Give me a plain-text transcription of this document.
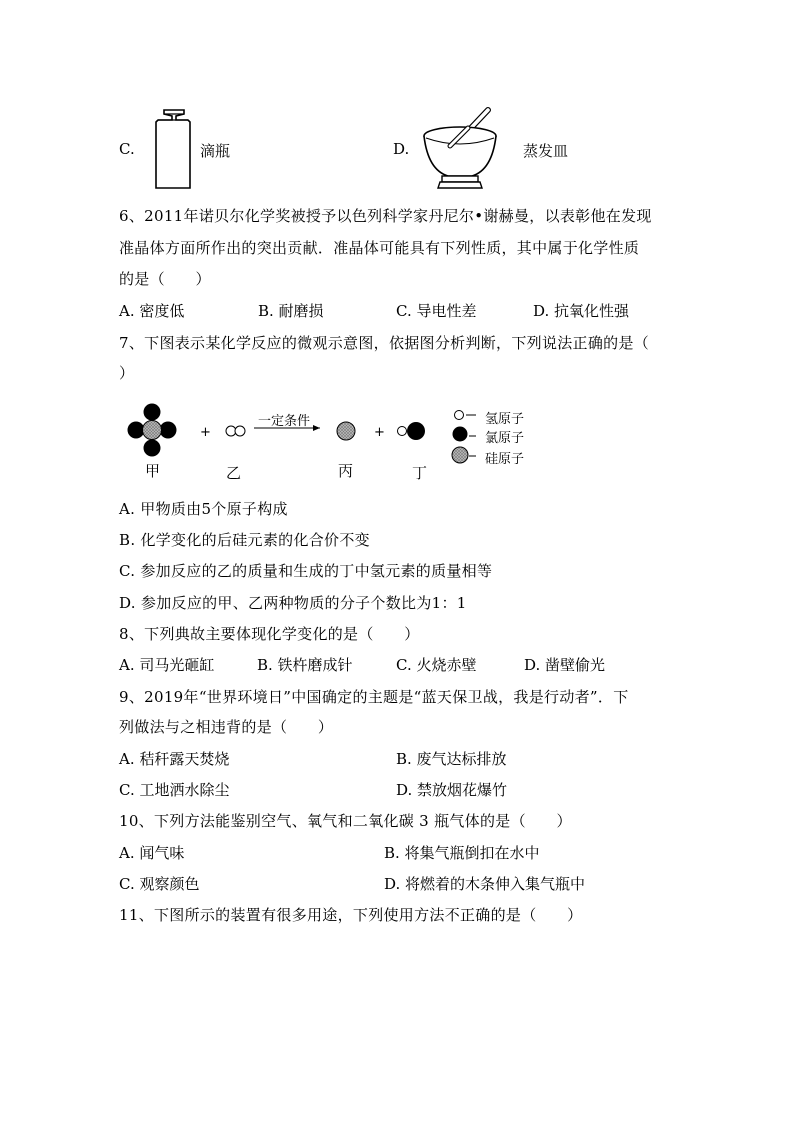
C.	滴瓶	D.	蒸发皿
6、2011年诺贝尔化学奖被授予以色列科学家丹尼尔•谢赫曼，以表彰他在发现
准晶体方面所作出的突出贡献．准晶体可能具有下列性质，其中属于化学性质
的是（　　）
A. 密度低	B. 耐磨损	C. 导电性差	D. 抗氧化性强
7、下图表示某化学反应的微观示意图，依据图分析判断，下列说法正确的是（
）
+	+
一定条件	氢原子
氯原子
硅原子
甲	乙	丙	丁
A. 甲物质由5个原子构成
B. 化学变化的后硅元素的化合价不变
C. 参加反应的乙的质量和生成的丁中氢元素的质量相等
D. 参加反应的甲、乙两种物质的分子个数比为1：1
8、下列典故主要体现化学变化的是（　　）
A. 司马光砸缸	B. 铁杵磨成针	C. 火烧赤壁	D. 凿壁偷光
9、2019年“世界环境日”中国确定的主题是“蓝天保卫战，我是行动者”．下
列做法与之相违背的是（　　）
A. 秸秆露天焚烧	B. 废气达标排放
C. 工地洒水除尘	D. 禁放烟花爆竹
10、下列方法能鉴别空气、氧气和二氧化碳 3 瓶气体的是（　　）
A. 闻气味	B. 将集气瓶倒扣在水中
C. 观察颜色	D. 将燃着的木条伸入集气瓶中
11、下图所示的装置有很多用途，下列使用方法不正确的是（　　）
